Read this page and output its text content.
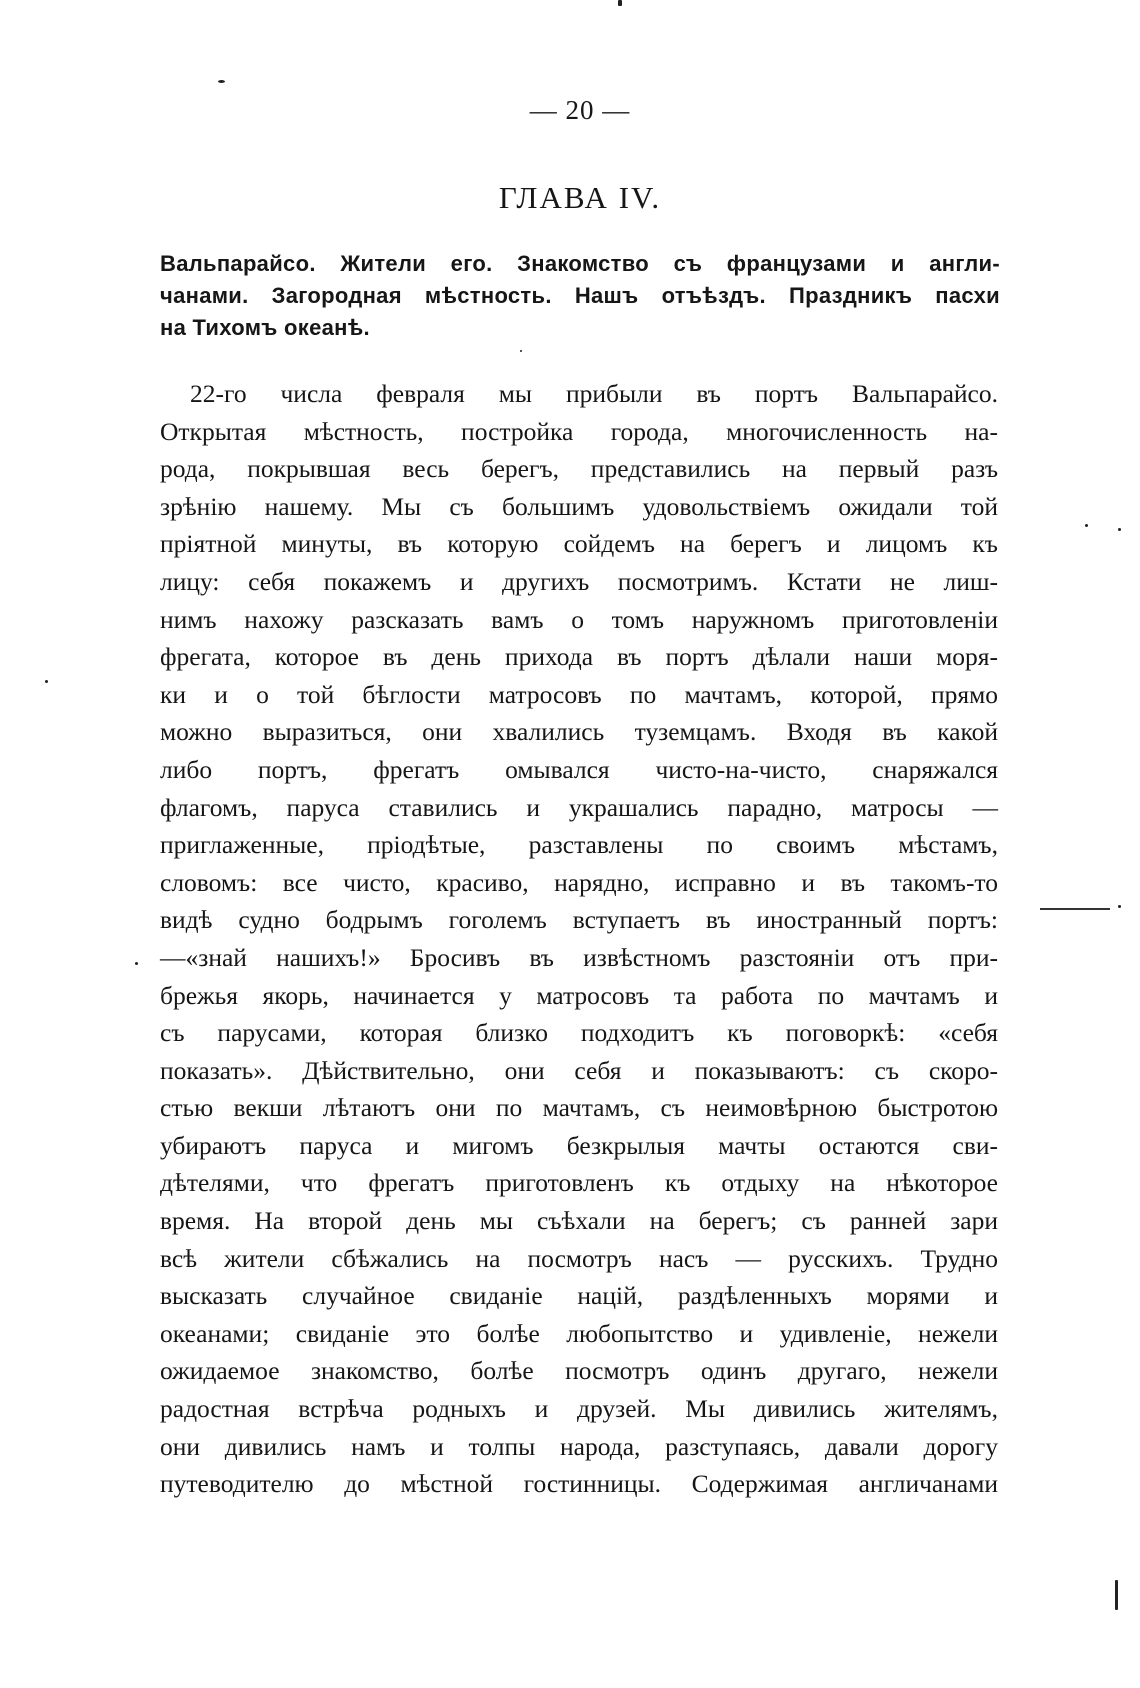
— 20 —
ГЛАВА IV.
Вальпарайсо. Жители его. Знакомство съ французами и англи-
чанами. Загородная мѣстность. Нашъ отъѣздъ. Праздникъ пасхи
на Тихомъ океанѣ.
22-го числа февраля мы прибыли въ портъ Вальпарайсо.
Открытая мѣстность, постройка города, многочисленность на-
рода, покрывшая весь берегъ, представились на первый разъ
зрѣнію нашему. Мы съ большимъ удовольствіемъ ожидали той
пріятной минуты, въ которую сойдемъ на берегъ и лицомъ къ
лицу: себя покажемъ и другихъ посмотримъ. Кстати не лиш-
нимъ нахожу разсказать вамъ о томъ наружномъ приготовленіи
фрегата, которое въ день прихода въ портъ дѣлали наши моря-
ки и о той бѣглости матросовъ по мачтамъ, которой, прямо
можно выразиться, они хвалились туземцамъ. Входя въ какой
либо портъ, фрегатъ омывался чисто-на-чисто, снаряжался
флагомъ, паруса ставились и украшались парадно, матросы —
приглаженные, пріодѣтые, разставлены по своимъ мѣстамъ,
словомъ: все чисто, красиво, нарядно, исправно и въ такомъ-то
видѣ судно бодрымъ гоголемъ вступаетъ въ иностранный портъ:
—«знай нашихъ!» Бросивъ въ извѣстномъ разстояніи отъ при-
брежья якорь, начинается у матросовъ та работа по мачтамъ и
съ парусами, которая близко подходитъ къ поговоркѣ: «себя
показать». Дѣйствительно, они себя и показываютъ: съ скоро-
стью векши лѣтаютъ они по мачтамъ, съ неимовѣрною быстротою
убираютъ паруса и мигомъ безкрылыя мачты остаются сви-
дѣтелями, что фрегатъ приготовленъ къ отдыху на нѣкоторое
время. На второй день мы съѣхали на берегъ; съ ранней зари
всѣ жители сбѣжались на посмотръ насъ — русскихъ. Трудно
высказать случайное свиданіе націй, раздѣленныхъ морями и
океанами; свиданіе это болѣе любопытство и удивленіе, нежели
ожидаемое знакомство, болѣе посмотръ одинъ другаго, нежели
радостная встрѣча родныхъ и друзей. Мы дивились жителямъ,
они дивились намъ и толпы народа, разступаясь, давали дорогу
путеводителю до мѣстной гостинницы. Содержимая англичанами
